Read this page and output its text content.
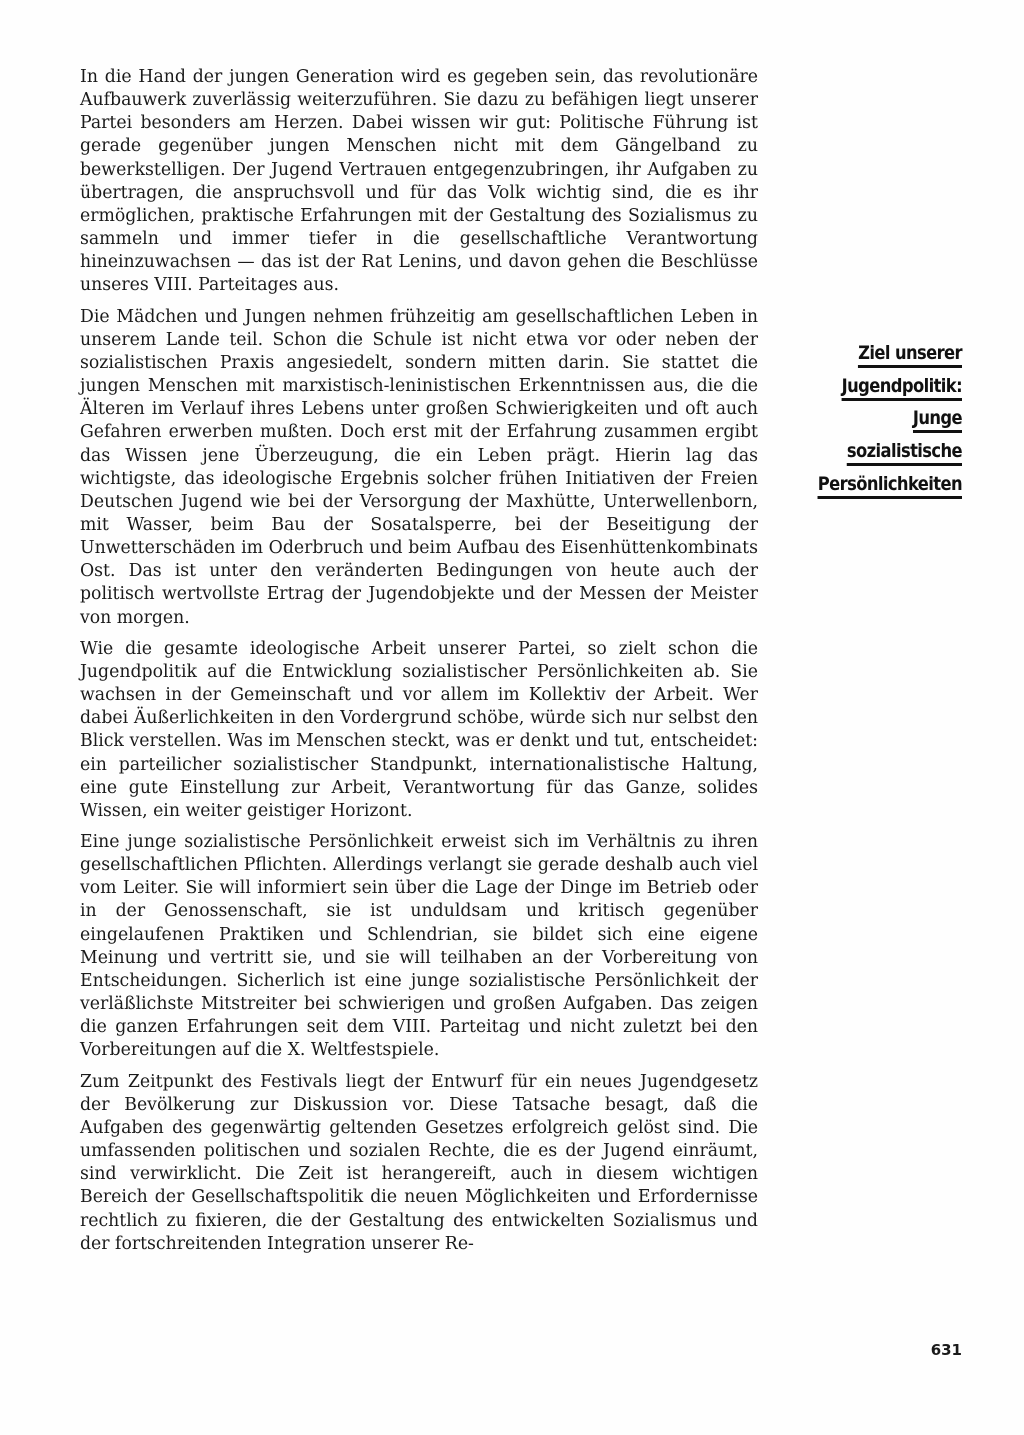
In die Hand der jungen Generation wird es gegeben sein, das revolutionäre Aufbauwerk zuverlässig weiterzuführen. Sie dazu zu befähigen liegt unserer Partei besonders am Herzen. Dabei wissen wir gut: Politische Führung ist gerade gegenüber jungen Menschen nicht mit dem Gängelband zu bewerkstelligen. Der Jugend Vertrauen entgegenzubringen, ihr Aufgaben zu übertragen, die anspruchsvoll und für das Volk wichtig sind, die es ihr ermöglichen, praktische Erfahrungen mit der Gestaltung des Sozialismus zu sammeln und immer tiefer in die gesellschaftliche Verantwortung hineinzuwachsen — das ist der Rat Lenins, und davon gehen die Beschlüsse unseres VIII. Parteitages aus.

Die Mädchen und Jungen nehmen frühzeitig am gesellschaftlichen Leben in unserem Lande teil. Schon die Schule ist nicht etwa vor oder neben der sozialistischen Praxis angesiedelt, sondern mitten darin. Sie stattet die jungen Menschen mit marxistisch-leninistischen Erkenntnissen aus, die die Älteren im Verlauf ihres Lebens unter großen Schwierigkeiten und oft auch Gefahren erwerben mußten. Doch erst mit der Erfahrung zusammen ergibt das Wissen jene Überzeugung, die ein Leben prägt. Hierin lag das wichtigste, das ideologische Ergebnis solcher frühen Initiativen der Freien Deutschen Jugend wie bei der Versorgung der Maxhütte, Unterwellenborn, mit Wasser, beim Bau der Sosatalsperre, bei der Beseitigung der Unwetterschäden im Oderbruch und beim Aufbau des Eisenhüttenkombinats Ost. Das ist unter den veränderten Bedingungen von heute auch der politisch wertvollste Ertrag der Jugendobjekte und der Messen der Meister von morgen.

Wie die gesamte ideologische Arbeit unserer Partei, so zielt schon die Jugendpolitik auf die Entwicklung sozialistischer Persönlichkeiten ab. Sie wachsen in der Gemeinschaft und vor allem im Kollektiv der Arbeit. Wer dabei Äußerlichkeiten in den Vordergrund schöbe, würde sich nur selbst den Blick verstellen. Was im Menschen steckt, was er denkt und tut, entscheidet: ein parteilicher sozialistischer Standpunkt, internationalistische Haltung, eine gute Einstellung zur Arbeit, Verantwortung für das Ganze, solides Wissen, ein weiter geistiger Horizont.

Eine junge sozialistische Persönlichkeit erweist sich im Verhältnis zu ihren gesellschaftlichen Pflichten. Allerdings verlangt sie gerade deshalb auch viel vom Leiter. Sie will informiert sein über die Lage der Dinge im Betrieb oder in der Genossenschaft, sie ist unduldsam und kritisch gegenüber eingelaufenen Praktiken und Schlendrian, sie bildet sich eine eigene Meinung und vertritt sie, und sie will teilhaben an der Vorbereitung von Entscheidungen. Sicherlich ist eine junge sozialistische Persönlichkeit der verläßlichste Mitstreiter bei schwierigen und großen Aufgaben. Das zeigen die ganzen Erfahrungen seit dem VIII. Parteitag und nicht zuletzt bei den Vorbereitungen auf die X. Weltfestspiele.

Zum Zeitpunkt des Festivals liegt der Entwurf für ein neues Jugendgesetz der Bevölkerung zur Diskussion vor. Diese Tatsache besagt, daß die Aufgaben des gegenwärtig geltenden Gesetzes erfolgreich gelöst sind. Die umfassenden politischen und sozialen Rechte, die es der Jugend einräumt, sind verwirklicht. Die Zeit ist herangereift, auch in diesem wichtigen Bereich der Gesellschaftspolitik die neuen Möglichkeiten und Erfordernisse rechtlich zu fixieren, die der Gestaltung des entwickelten Sozialismus und der fortschreitenden Integration unserer Re-

Ziel unserer
Jugendpolitik:
Junge
sozialistische
Persönlichkeiten
631
